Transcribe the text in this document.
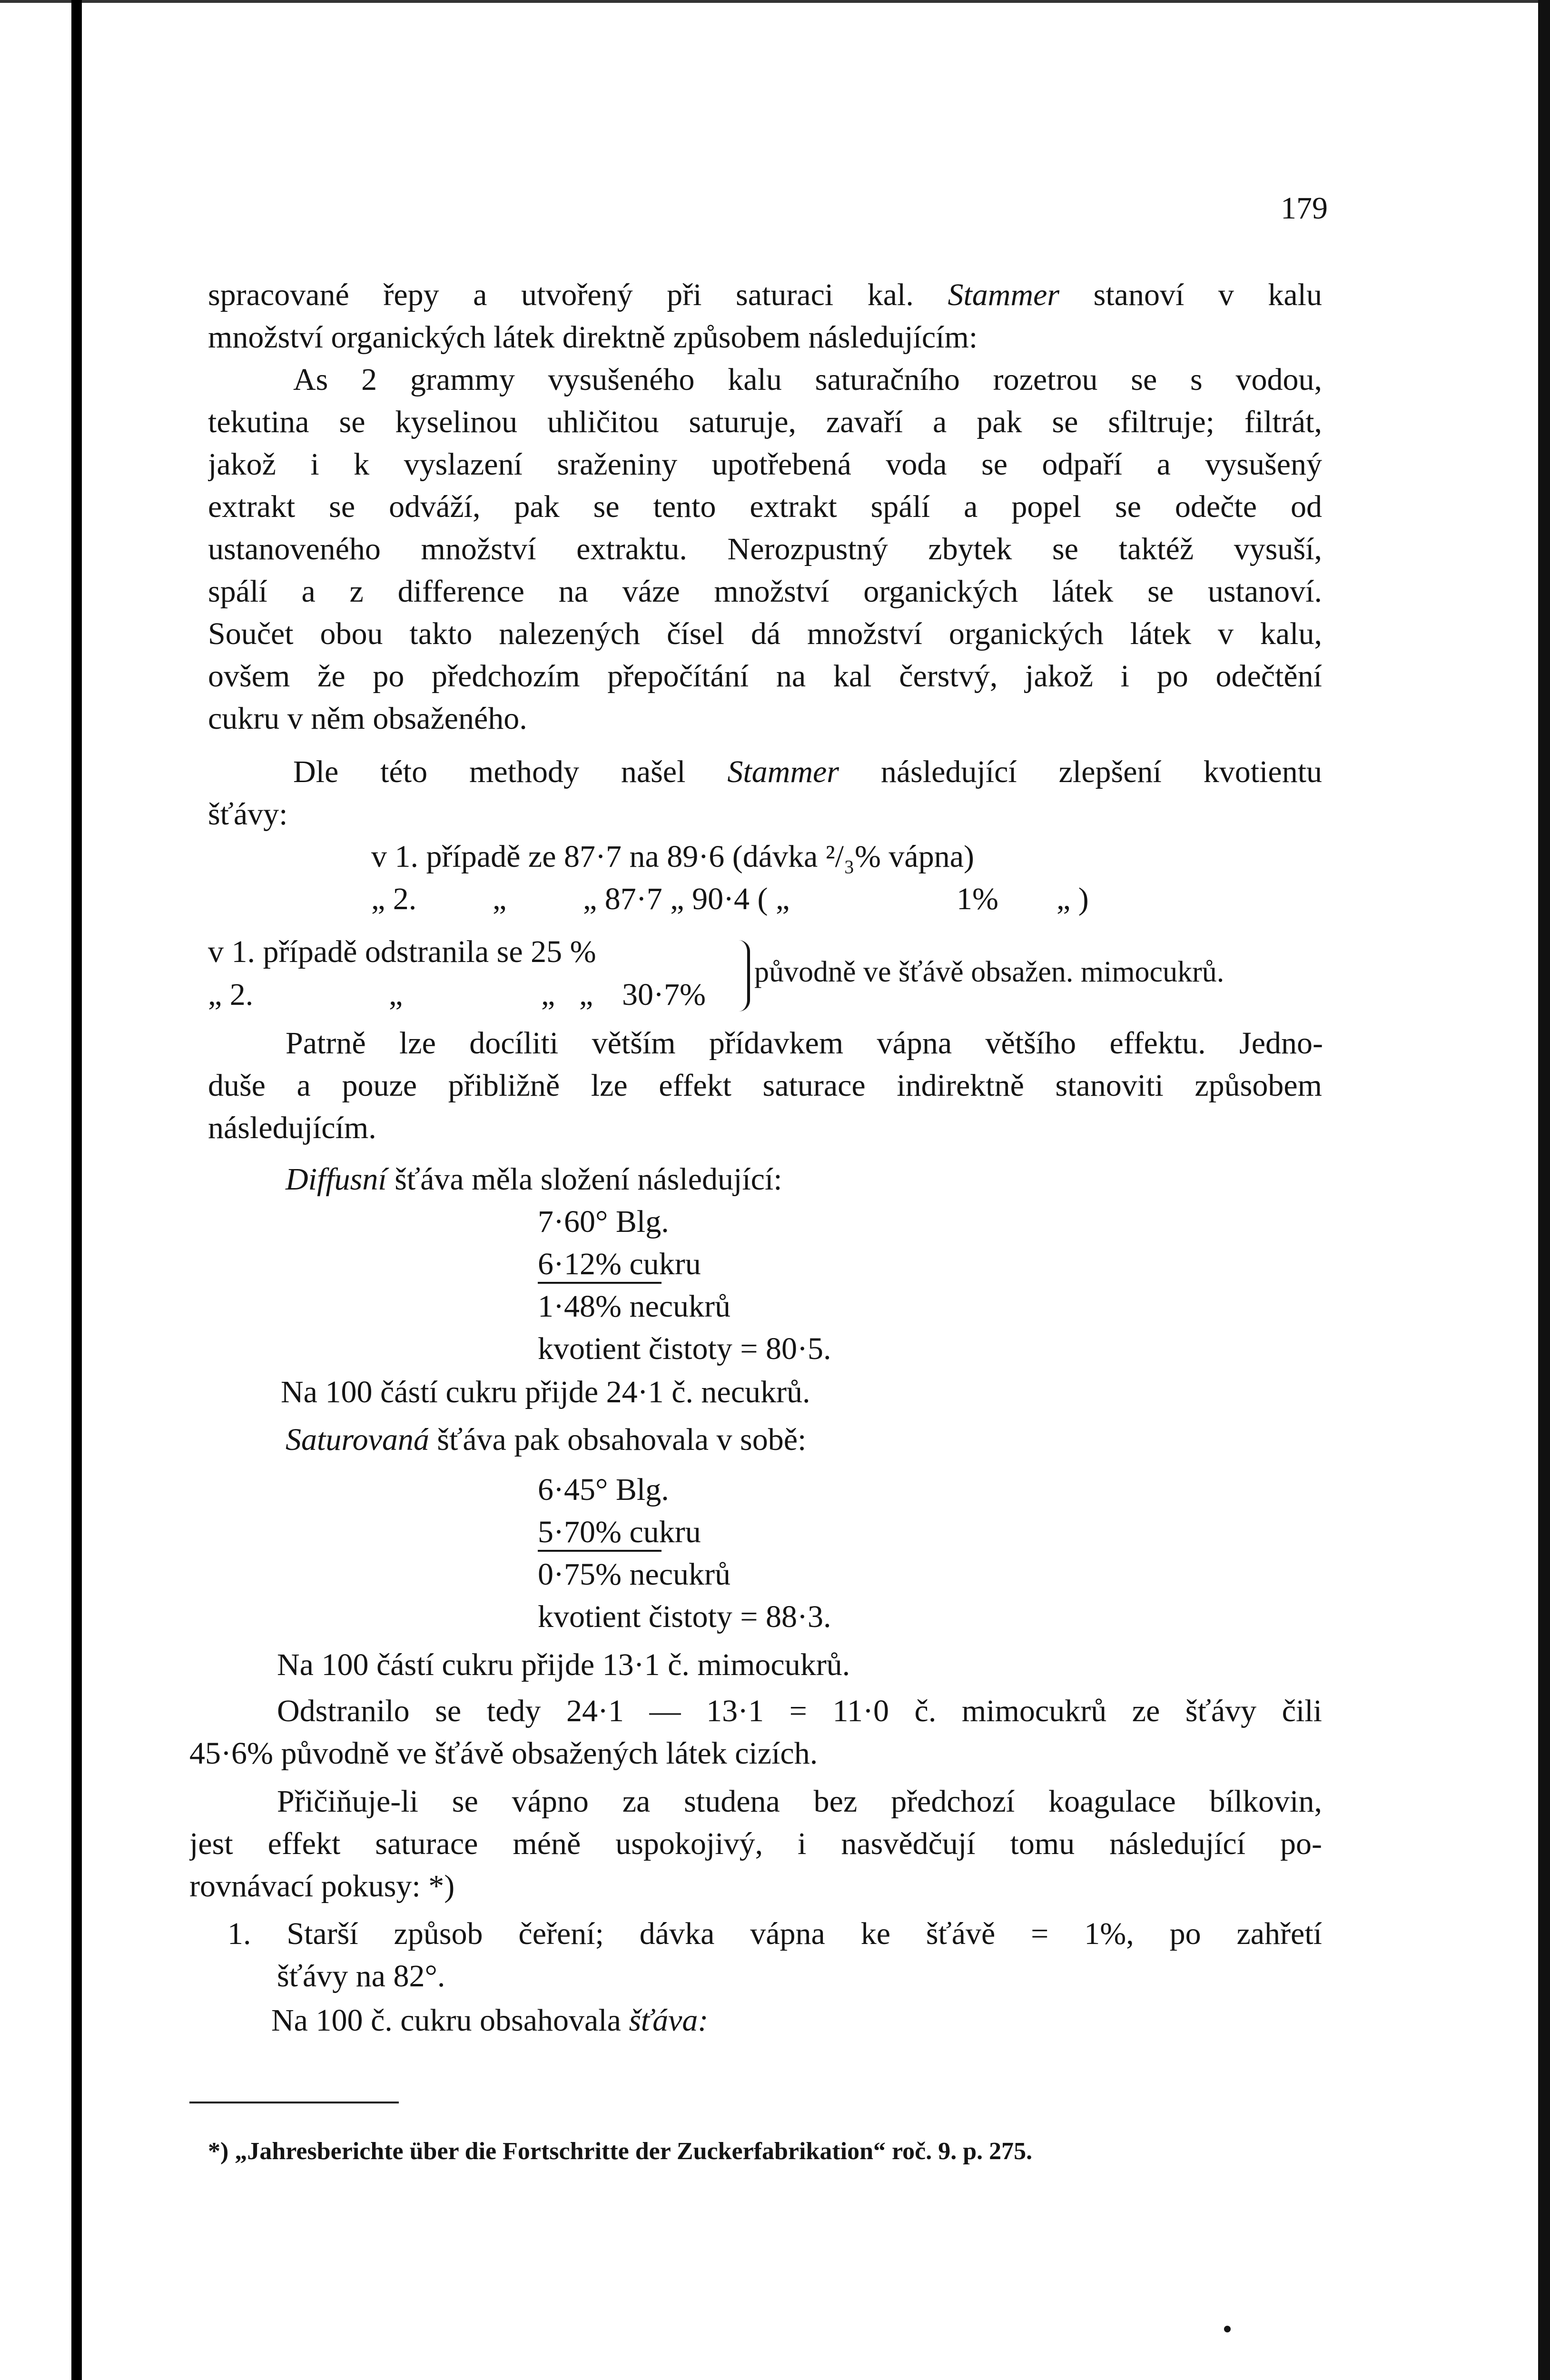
179
spracované řepy a utvořený při saturaci kal. Stammer stanoví v kalu
množství organických látek direktně způsobem následujícím:
As 2 grammy vysušeného kalu saturačního rozetrou se s vodou,
tekutina se kyselinou uhličitou saturuje, zavaří a pak se sfiltruje; filtrát,
jakož i k vyslazení sraženiny upotřebená voda se odpaří a vysušený
extrakt se odváží, pak se tento extrakt spálí a popel se odečte od
ustanoveného množství extraktu. Nerozpustný zbytek se taktéž vysuší,
spálí a z difference na váze množství organických látek se ustanoví.
Součet obou takto nalezených čísel dá množství organických látek v kalu,
ovšem že po předchozím přepočítání na kal čerstvý, jakož i po odečtění
cukru v něm obsaženého.
Dle této methody našel Stammer následující zlepšení kvotientu
šťávy:
v 1. případě ze 87·7 na 89·6 (dávka ²/₃% vápna)
„ 2. „ „ 87·7 „ 90·4 ( „	1% „ )
v 1. případě odstranila se 25 %
„ 2.	„	„ „ 30·7%
původně ve šťávě obsažen. mimocukrů.
Patrně lze docíliti větším přídavkem vápna většího effektu. Jedno-
duše a pouze přibližně lze effekt saturace indirektně stanoviti způsobem
následujícím.
Diffusní šťáva měla složení následující:
7·60° Blg.
6·12% cukru
1·48% necukrů
kvotient čistoty = 80·5.
Na 100 částí cukru přijde 24·1 č. necukrů.
Saturovaná šťáva pak obsahovala v sobě:
6·45° Blg.
5·70% cukru
0·75% necukrů
kvotient čistoty = 88·3.
Na 100 částí cukru přijde 13·1 č. mimocukrů.
Odstranilo se tedy 24·1 — 13·1 = 11·0 č. mimocukrů ze šťávy čili
45·6% původně ve šťávě obsažených látek cizích.
Přičiňuje-li se vápno za studena bez předchozí koagulace bílkovin,
jest effekt saturace méně uspokojivý, i nasvědčují tomu následující po-
rovnávací pokusy: *)
1. Starší způsob čeření; dávka vápna ke šťávě = 1%, po zahřetí
šťávy na 82°.
Na 100 č. cukru obsahovala šťáva:
*) „Jahresberichte über die Fortschritte der Zuckerfabrikation“ roč. 9. p. 275.
